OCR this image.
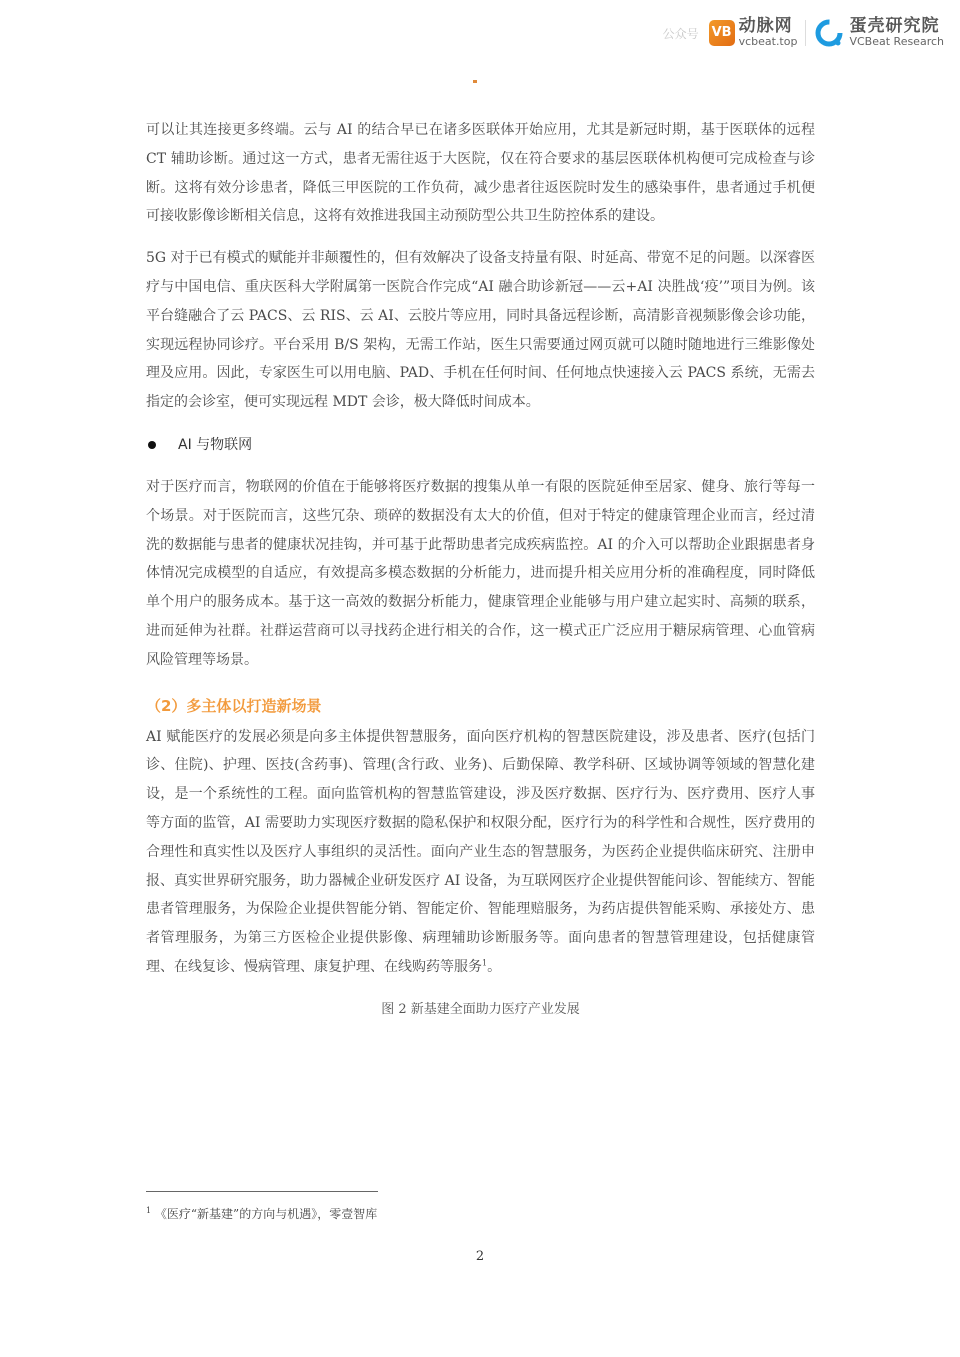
公众号 VB 动脉网
vcbeat.top
蛋壳研究院
VCBeat Research

可以让其连接更多终端。云与 AI 的结合早已在诸多医联体开始应用，尤其是新冠时期，基于医联体的远程 CT 辅助诊断。通过这一方式，患者无需往返于大医院，仅在符合要求的基层医联体机构便可完成检查与诊断。这将有效分诊患者，降低三甲医院的工作负荷，减少患者往返医院时发生的感染事件，患者通过手机便可接收影像诊断相关信息，这将有效推进我国主动预防型公共卫生防控体系的建设。

5G 对于已有模式的赋能并非颠覆性的，但有效解决了设备支持量有限、时延高、带宽不足的问题。以深睿医疗与中国电信、重庆医科大学附属第一医院合作完成“AI 融合助诊新冠——云+AI 决胜战‘疫’”项目为例。该平台缝融合了云 PACS、云 RIS、云 AI、云胶片等应用，同时具备远程诊断，高清影音视频影像会诊功能，实现远程协同诊疗。平台采用 B/S 架构，无需工作站，医生只需要通过网页就可以随时随地进行三维影像处理及应用。因此，专家医生可以用电脑、PAD、手机在任何时间、任何地点快速接入云 PACS 系统，无需去指定的会诊室，便可实现远程 MDT 会诊，极大降低时间成本。

AI 与物联网

对于医疗而言，物联网的价值在于能够将医疗数据的搜集从单一有限的医院延伸至居家、健身、旅行等每一个场景。对于医院而言，这些冗杂、琐碎的数据没有太大的价值，但对于特定的健康管理企业而言，经过清洗的数据能与患者的健康状况挂钩，并可基于此帮助患者完成疾病监控。AI 的介入可以帮助企业跟据患者身体情况完成模型的自适应，有效提高多模态数据的分析能力，进而提升相关应用分析的准确程度，同时降低单个用户的服务成本。基于这一高效的数据分析能力，健康管理企业能够与用户建立起实时、高频的联系，进而延伸为社群。社群运营商可以寻找药企进行相关的合作，这一模式正广泛应用于糖尿病管理、心血管病风险管理等场景。

（2）多主体以打造新场景

AI 赋能医疗的发展必须是向多主体提供智慧服务，面向医疗机构的智慧医院建设，涉及患者、医疗(包括门诊、住院)、护理、医技(含药事)、管理(含行政、业务)、后勤保障、教学科研、区域协调等领域的智慧化建设，是一个系统性的工程。面向监管机构的智慧监管建设，涉及医疗数据、医疗行为、医疗费用、医疗人事等方面的监管，AI 需要助力实现医疗数据的隐私保护和权限分配，医疗行为的科学性和合规性，医疗费用的合理性和真实性以及医疗人事组织的灵活性。面向产业生态的智慧服务，为医药企业提供临床研究、注册申报、真实世界研究服务，助力器械企业研发医疗 AI 设备，为互联网医疗企业提供智能问诊、智能续方、智能患者管理服务，为保险企业提供智能分销、智能定价、智能理赔服务，为药店提供智能采购、承接处方、患者管理服务，为第三方医检企业提供影像、病理辅助诊断服务等。面向患者的智慧管理建设，包括健康管理、在线复诊、慢病管理、康复护理、在线购药等服务$^1$。

图 2 新基建全面助力医疗产业发展
$^1$ 《医疗“新基建”的方向与机遇》，零壹智库
2
